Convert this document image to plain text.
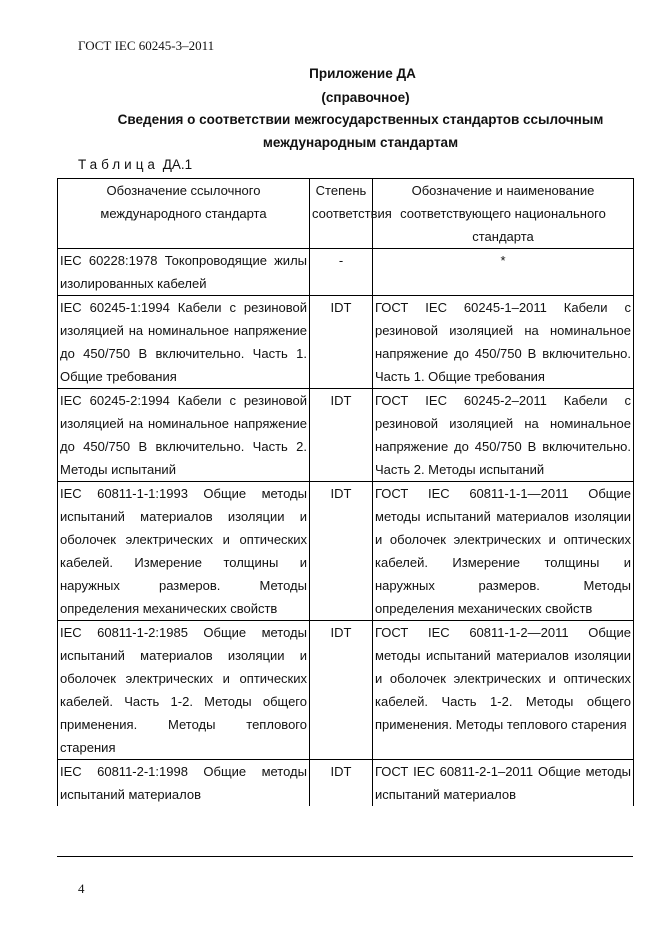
ГОСТ IEC 60245-3–2011
Приложение ДА
(справочное)
Сведения о соответствии межгосударственных стандартов ссылочным
международным стандартам
Таблица ДА.1
Обозначение ссылочного международного стандарта	Степень соответствия	Обозначение и наименование соответствующего национального стандарта
IEC 60228:1978 Токопроводящие жилы изолированных кабелей	-	*
IEC 60245-1:1994 Кабели с резиновой изоляцией на номинальное напряжение до 450/750 В включительно. Часть 1. Общие требования	IDT	ГОСТ IEC 60245-1–2011 Кабели с резиновой изоляцией на номинальное напряжение до 450/750 В включительно. Часть 1. Общие требования
IEC 60245-2:1994 Кабели с резиновой изоляцией на номинальное напряжение до 450/750 В включительно. Часть 2. Методы испытаний	IDT	ГОСТ IEC 60245-2–2011 Кабели с резиновой изоляцией на номинальное напряжение до 450/750 В включительно. Часть 2. Методы испытаний
IEC 60811-1-1:1993 Общие методы испытаний материалов изоляции и оболочек электрических и оптических кабелей. Измерение толщины и наружных размеров. Методы определения механических свойств	IDT	ГОСТ IEC 60811-1-1—2011 Общие методы испытаний материалов изоляции и оболочек электрических и оптических кабелей. Измерение толщины и наружных размеров. Методы определения механических свойств
IEC 60811-1-2:1985 Общие методы испытаний материалов изоляции и оболочек электрических и оптических кабелей. Часть 1-2. Методы общего применения. Методы теплового старения	IDT	ГОСТ IEC 60811-1-2—2011 Общие методы испытаний материалов изоляции и оболочек электрических и оптических кабелей. Часть 1-2. Методы общего применения. Методы теплового старения
IEC 60811-2-1:1998 Общие методы испытаний материалов	IDT	ГОСТ IEC 60811-2-1–2011 Общие методы испытаний материалов
4
